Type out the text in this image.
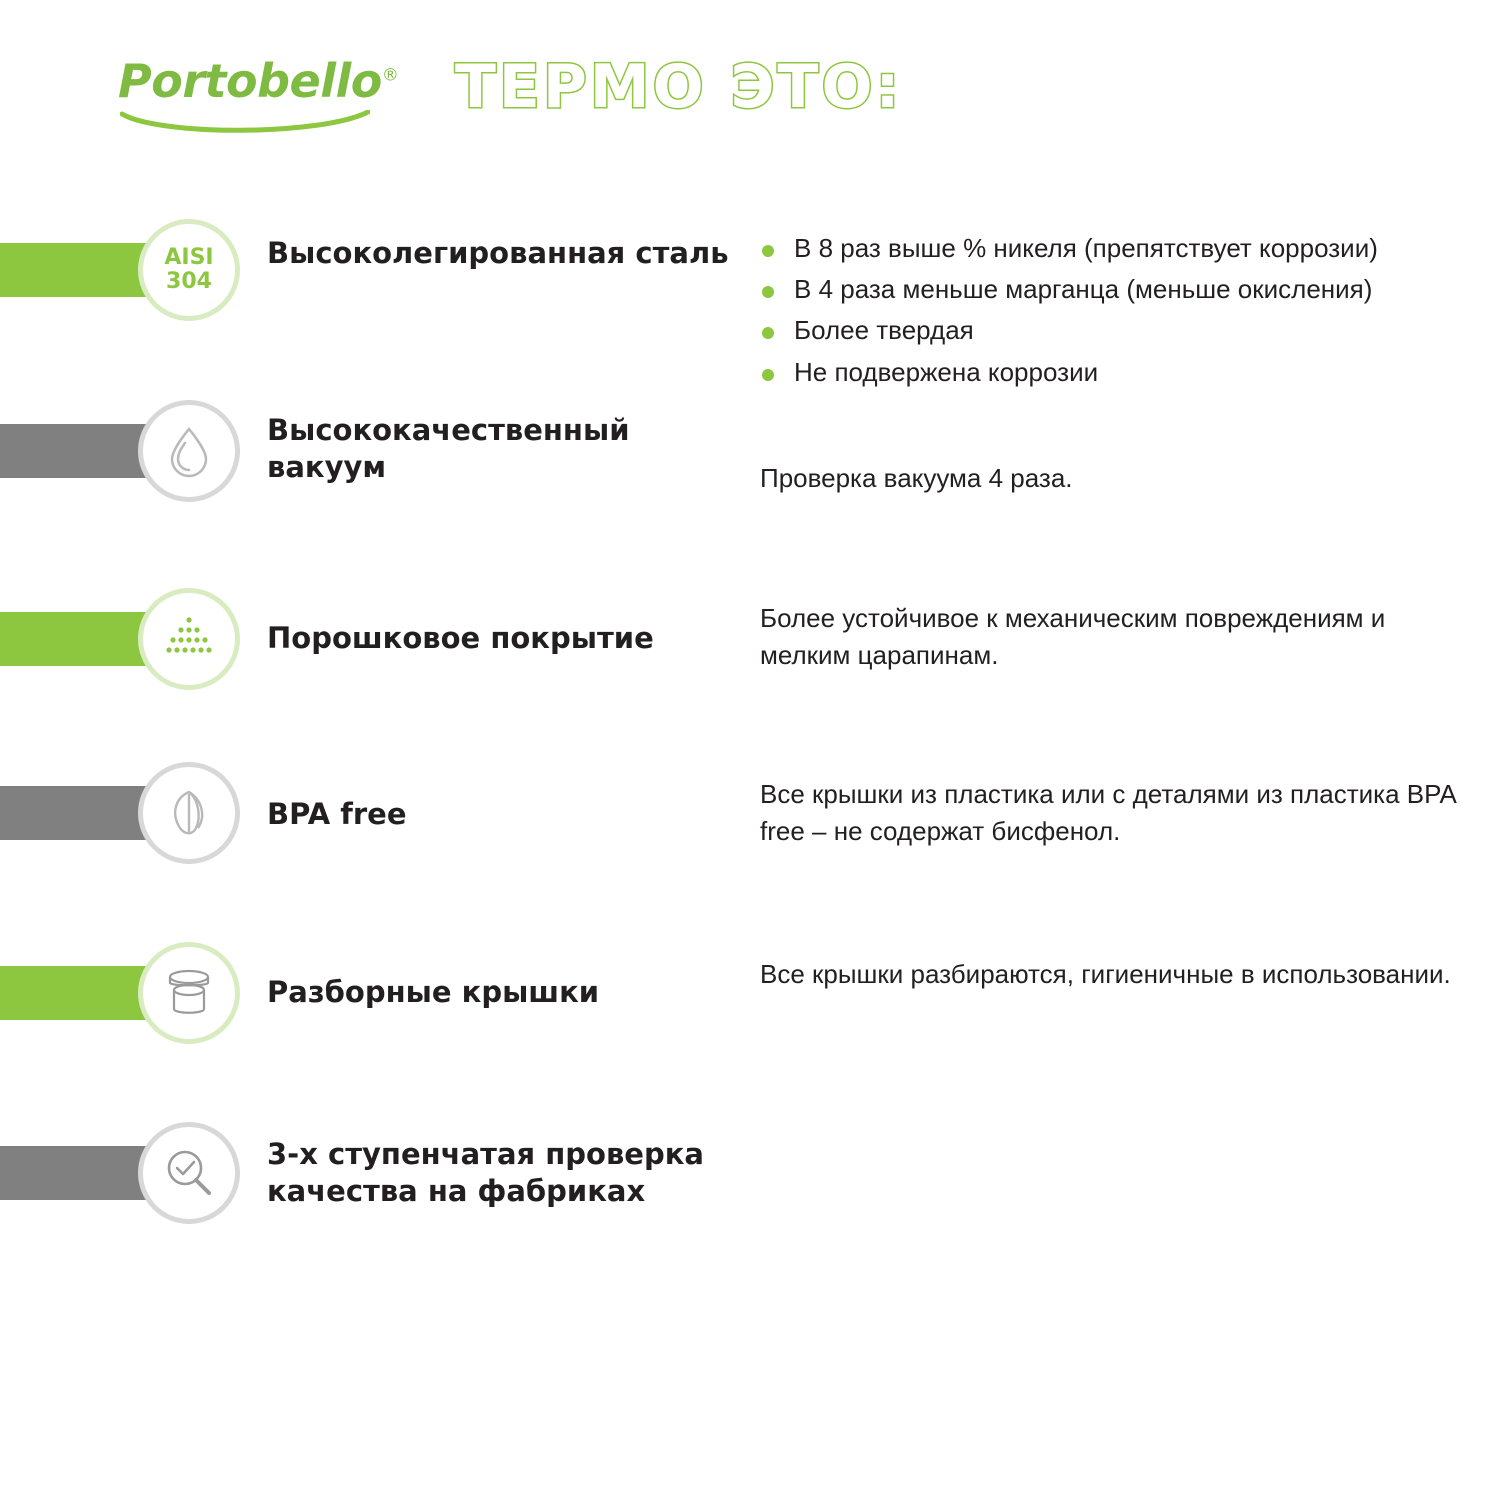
Portobello® ТЕРМО ЭТО:
AISI
304
Высоколегированная сталь	В 8 раз выше % никеля (препятствует коррозии)
В 4 раза меньше марганца (меньше окисления)
Более твердая
Не подвержена коррозии
Высококачественный вакуум	Проверка вакуума 4 раза.
Порошковое покрытие
Более устойчивое к механическим повреждениям и мелким царапинам.
BPA free
Все крышки из пластика или с деталями из пластика BPA free – не содержат бисфенол.
Разборные крышки
Все крышки разбираются, гигиеничные в использовании.
3-х ступенчатая проверка качества на фабриках
